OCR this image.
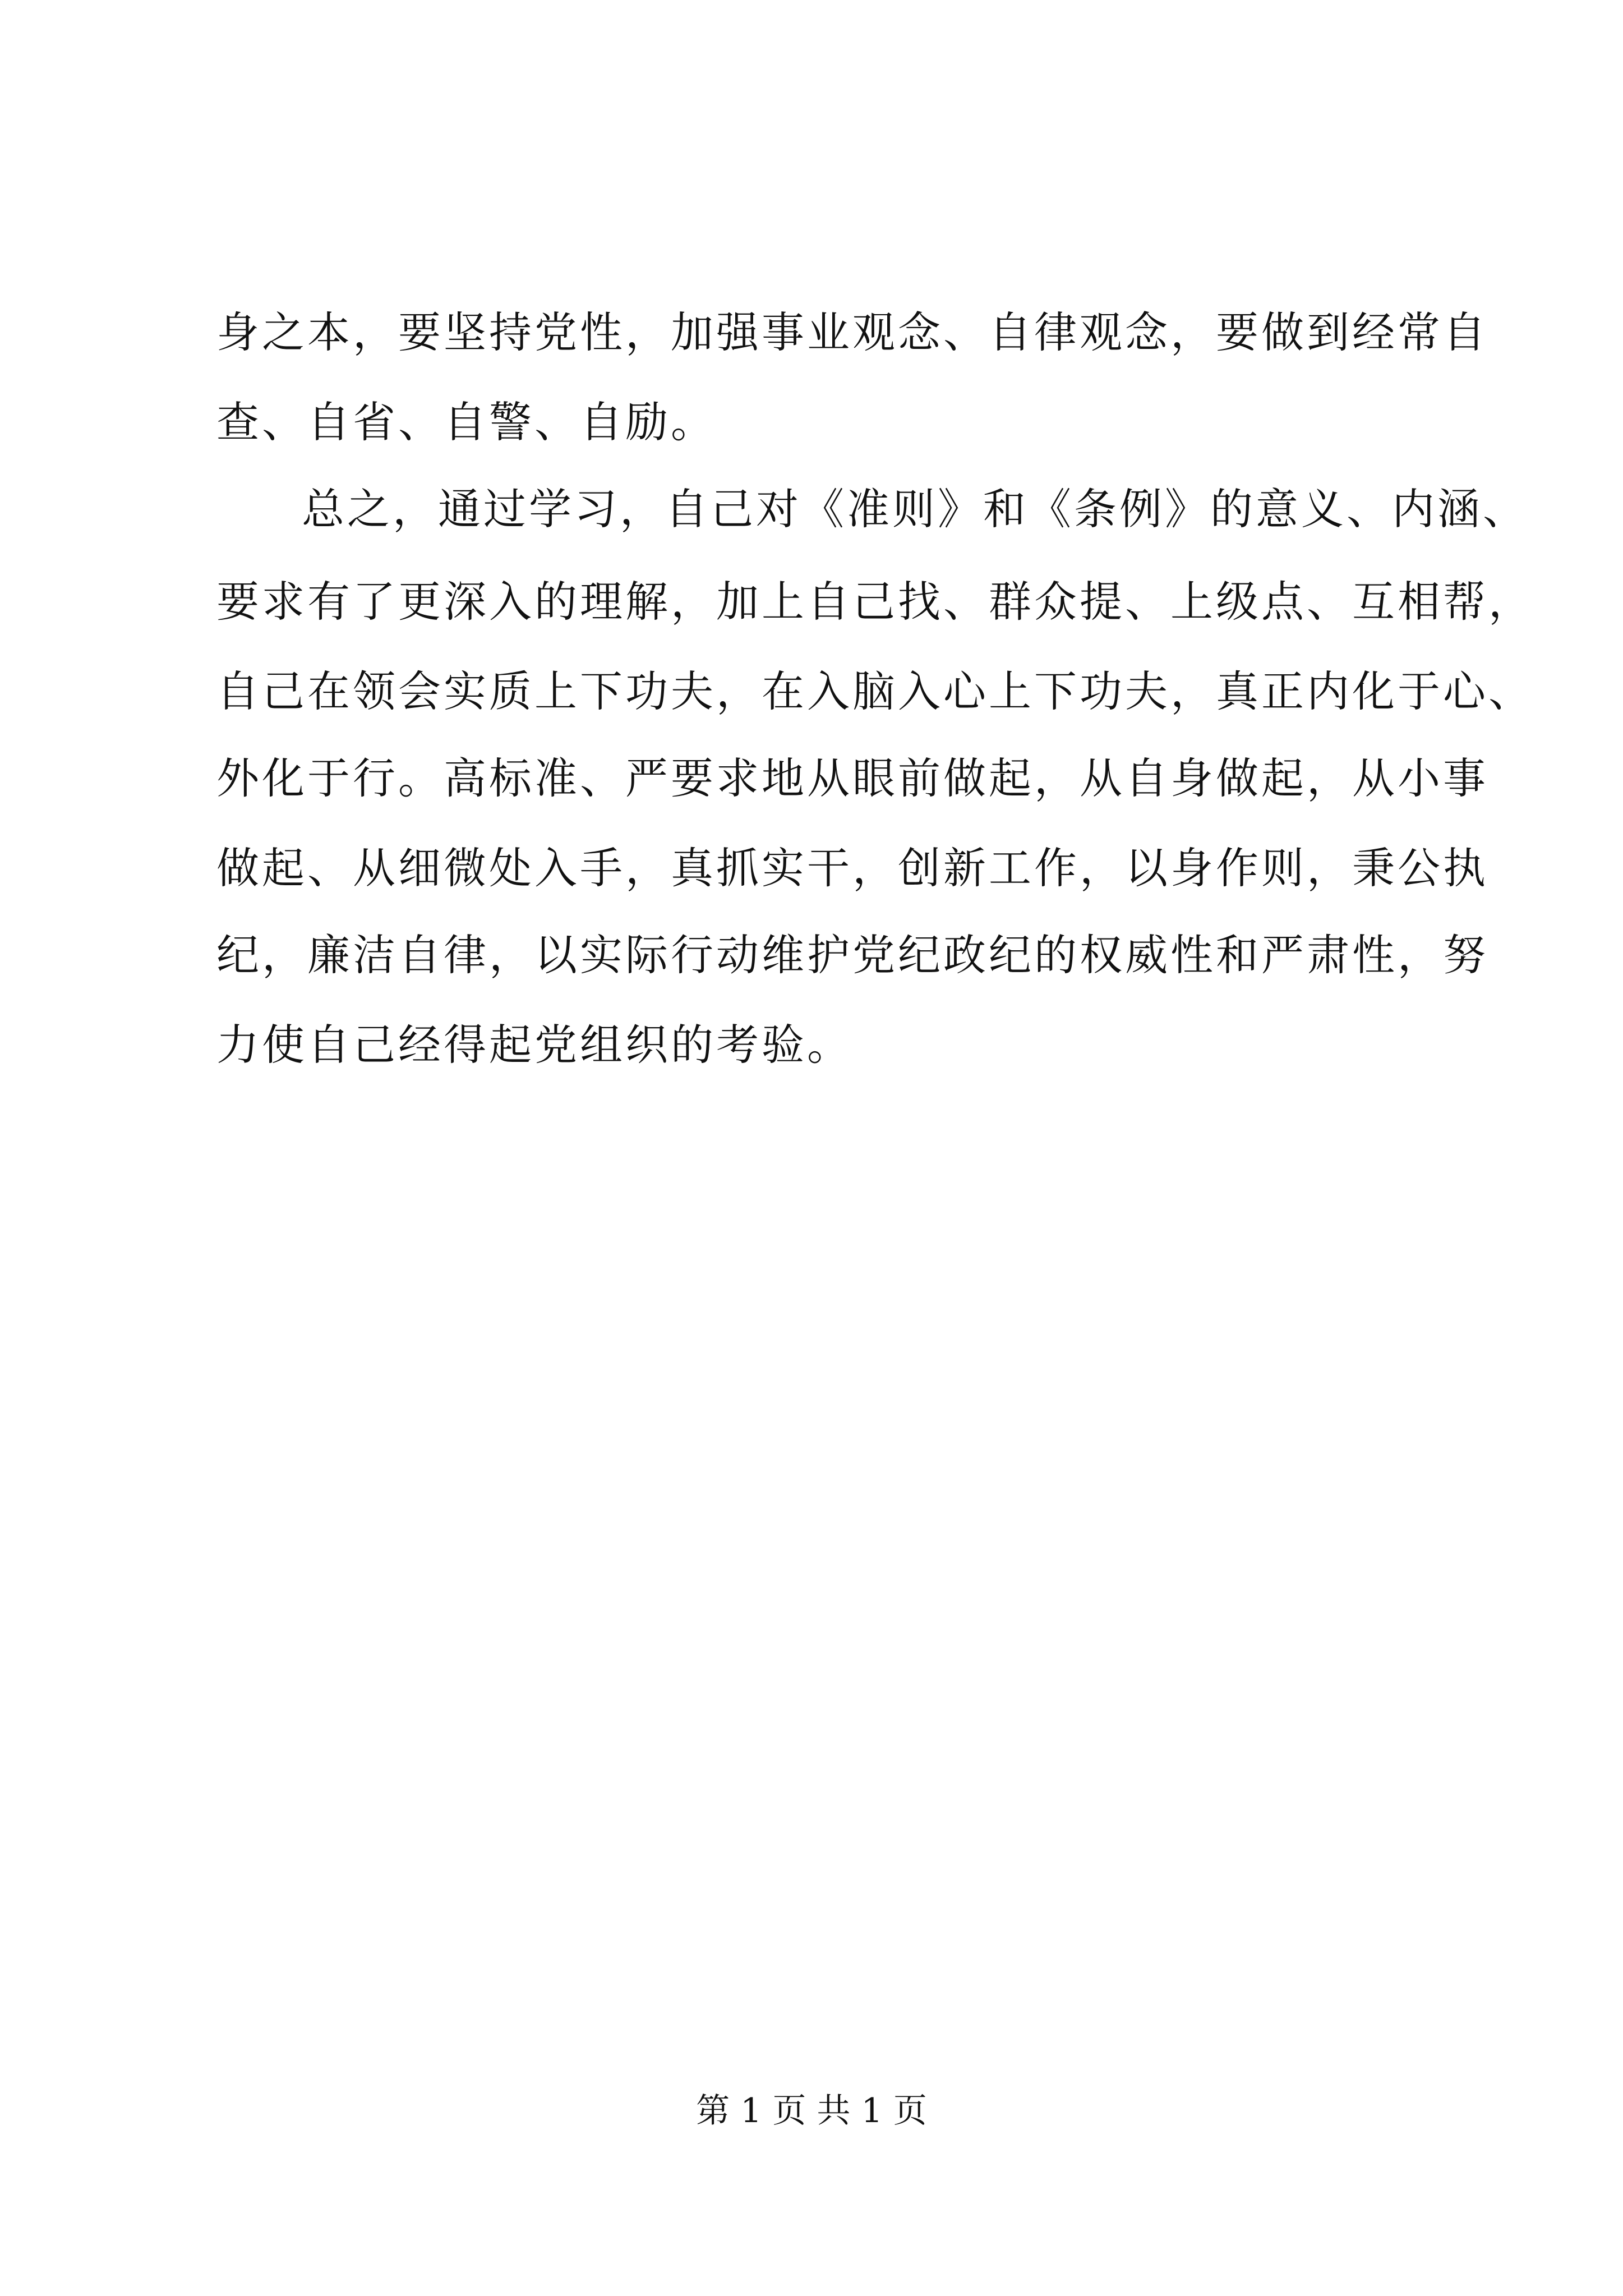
身之本，要坚持党性，加强事业观念、自律观念，要做到经常自
查、自省、自警、自励。
总之，通过学习，自己对《准则》和《条例》的意义、内涵、
要求有了更深入的理解，加上自己找、群众提、上级点、互相帮，
自己在领会实质上下功夫，在入脑入心上下功夫，真正内化于心、
外化于行。高标准、严要求地从眼前做起，从自身做起，从小事
做起、从细微处入手，真抓实干，创新工作，以身作则，秉公执
纪，廉洁自律，以实际行动维护党纪政纪的权威性和严肃性，努
力使自己经得起党组织的考验。
第 1 页 共 1 页
